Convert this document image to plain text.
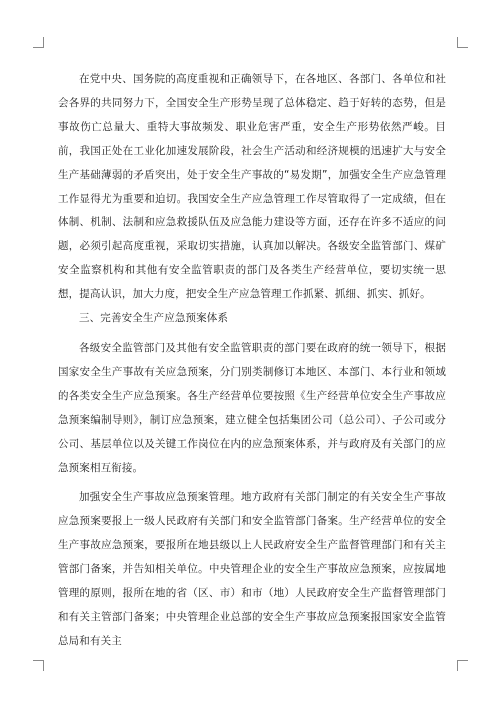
在党中央、国务院的高度重视和正确领导下，在各地区、各部门、各单位和社会各界的共同努力下，全国安全生产形势呈现了总体稳定、趋于好转的态势，但是事故伤亡总量大、重特大事故频发、职业危害严重，安全生产形势依然严峻。目前，我国正处在工业化加速发展阶段，社会生产活动和经济规模的迅速扩大与安全生产基础薄弱的矛盾突出，处于安全生产事故的“易发期”，加强安全生产应急管理工作显得尤为重要和迫切。我国安全生产应急管理工作尽管取得了一定成绩，但在体制、机制、法制和应急救援队伍及应急能力建设等方面，还存在许多不适应的问题，必须引起高度重视，采取切实措施，认真加以解决。各级安全监管部门、煤矿安全监察机构和其他有安全监管职责的部门及各类生产经营单位，要切实统一思想，提高认识，加大力度，把安全生产应急管理工作抓紧、抓细、抓实、抓好。

三、完善安全生产应急预案体系

各级安全监管部门及其他有安全监管职责的部门要在政府的统一领导下，根据国家安全生产事故有关应急预案，分门别类制修订本地区、本部门、本行业和领域的各类安全生产应急预案。各生产经营单位要按照《生产经营单位安全生产事故应急预案编制导则》，制订应急预案，建立健全包括集团公司（总公司）、子公司或分公司、基层单位以及关键工作岗位在内的应急预案体系，并与政府及有关部门的应急预案相互衔接。

加强安全生产事故应急预案管理。地方政府有关部门制定的有关安全生产事故应急预案要报上一级人民政府有关部门和安全监管部门备案。生产经营单位的安全生产事故应急预案，要报所在地县级以上人民政府安全生产监督管理部门和有关主管部门备案，并告知相关单位。中央管理企业的安全生产事故应急预案，应按属地管理的原则，报所在地的省（区、市）和市（地）人民政府安全生产监督管理部门和有关主管部门备案；中央管理企业总部的安全生产事故应急预案报国家安全监管总局和有关主
